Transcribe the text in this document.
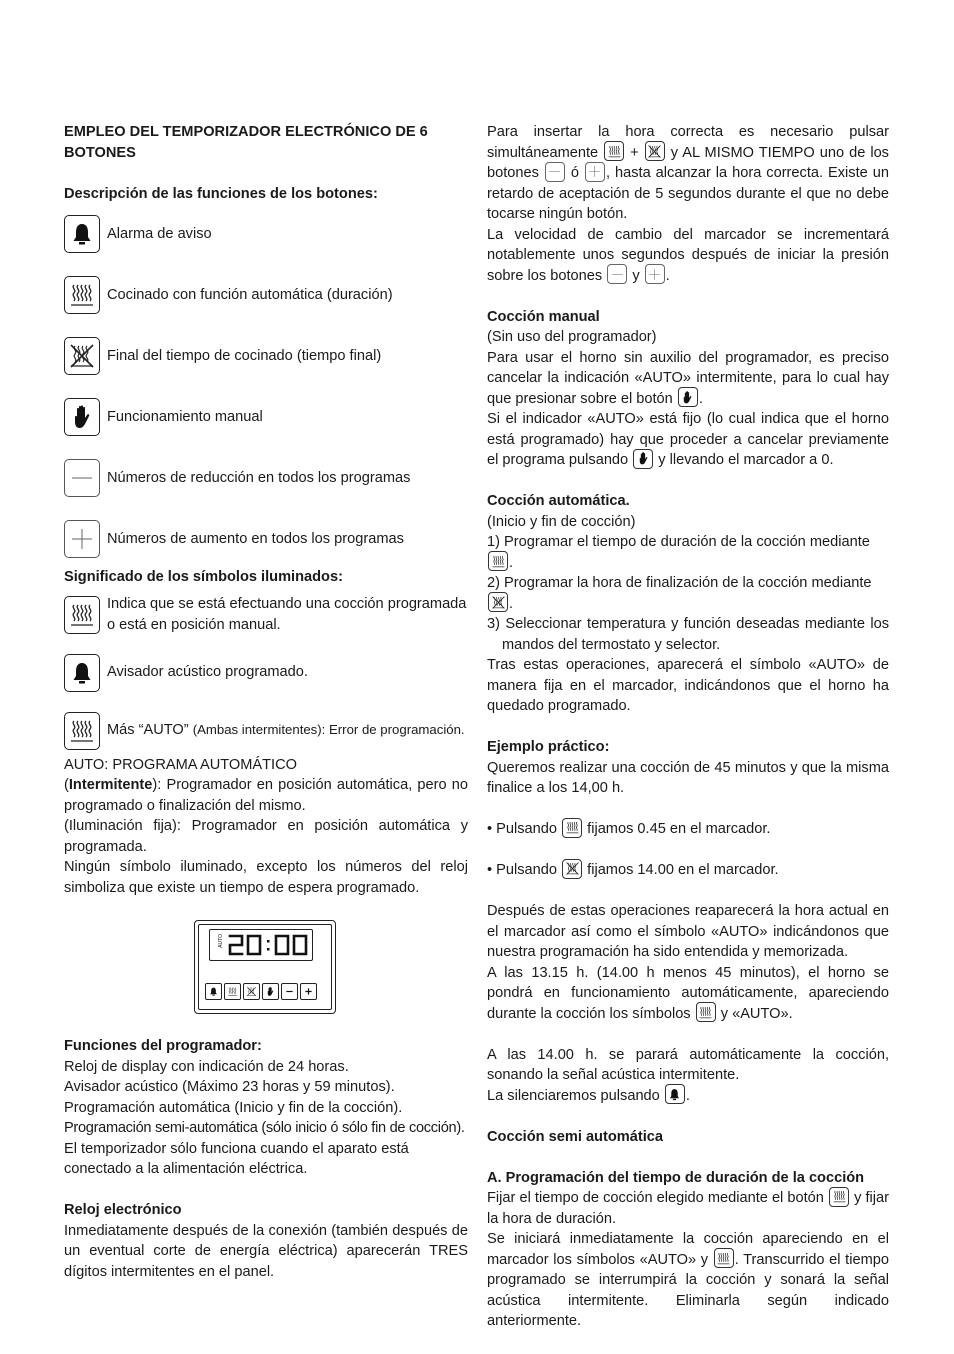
EMPLEO DEL TEMPORIZADOR ELECTRÓNICO DE 6 BOTONES

Descripción de las funciones de los botones:

Alarma de aviso
Cocinado con función automática (duración)
Final del tiempo de cocinado (tiempo final)
Funcionamiento manual
Números de reducción en todos los programas
Números de aumento en todos los programas

Significado de los símbolos iluminados:

Indica que se está efectuando una cocción programada o está en posición manual.
Avisador acústico programado.
Más “AUTO” (Ambas intermitentes): Error de programación.

AUTO: PROGRAMA AUTOMÁTICO

(Intermitente): Programador en posición automática, pero no programado o finalización del mismo.

(Iluminación fija): Programador en posición automática y programada.

Ningún símbolo iluminado, excepto los números del reloj simboliza que existe un tiempo de espera programado.

AUTO

Funciones del programador:

Reloj de display con indicación de 24 horas.

Avisador acústico (Máximo 23 horas y 59 minutos).

Programación automática (Inicio y fin de la cocción).

Programación semi-automática (sólo inicio ó sólo fin de cocción).

El temporizador sólo funciona cuando el aparato está conectado a la alimentación eléctrica.

Reloj electrónico

Inmediatamente después de la conexión (también después de un eventual corte de energía eléctrica) aparecerán TRES dígitos intermitentes en el panel.

Para insertar la hora correcta es necesario pulsar simultáneamente + y AL MISMO TIEMPO uno de los botones ó , hasta alcanzar la hora correcta. Existe un retardo de aceptación de 5 segundos durante el que no debe tocarse ningún botón.

La velocidad de cambio del marcador se incrementará notablemente unos segundos después de iniciar la presión sobre los botones y .

Cocción manual

(Sin uso del programador)

Para usar el horno sin auxilio del programador, es preciso cancelar la indicación «AUTO» intermitente, para lo cual hay que presionar sobre el botón .

Si el indicador «AUTO» está fijo (lo cual indica que el horno está programado) hay que proceder a cancelar previamente el programa pulsando y llevando el marcador a 0.

Cocción automática.

(Inicio y fin de cocción)

1) Programar el tiempo de duración de la cocción mediante
.

2) Programar la hora de finalización de la cocción mediante
.

3) Seleccionar temperatura y función deseadas mediante los mandos del termostato y selector.

Tras estas operaciones, aparecerá el símbolo «AUTO» de manera fija en el marcador, indicándonos que el horno ha quedado programado.

Ejemplo práctico:

Queremos realizar una cocción de 45 minutos y que la misma finalice a los 14,00 h.

• Pulsando fijamos 0.45 en el marcador.

• Pulsando fijamos 14.00 en el marcador.

Después de estas operaciones reaparecerá la hora actual en el marcador así como el símbolo «AUTO» indicándonos que nuestra programación ha sido entendida y memorizada.

A las 13.15 h. (14.00 h menos 45 minutos), el horno se pondrá en funcionamiento automáticamente, apareciendo durante la cocción los símbolos y «AUTO».

A las 14.00 h. se parará automáticamente la cocción, sonando la señal acústica intermitente.

La silenciaremos pulsando .

Cocción semi automática

A. Programación del tiempo de duración de la cocción

Fijar el tiempo de cocción elegido mediante el botón y fijar la hora de duración.

Se iniciará inmediatamente la cocción apareciendo en el marcador los símbolos «AUTO» y . Transcurrido el tiempo programado se interrumpirá la cocción y sonará la señal acústica intermitente. Eliminarla según indicado anteriormente.
